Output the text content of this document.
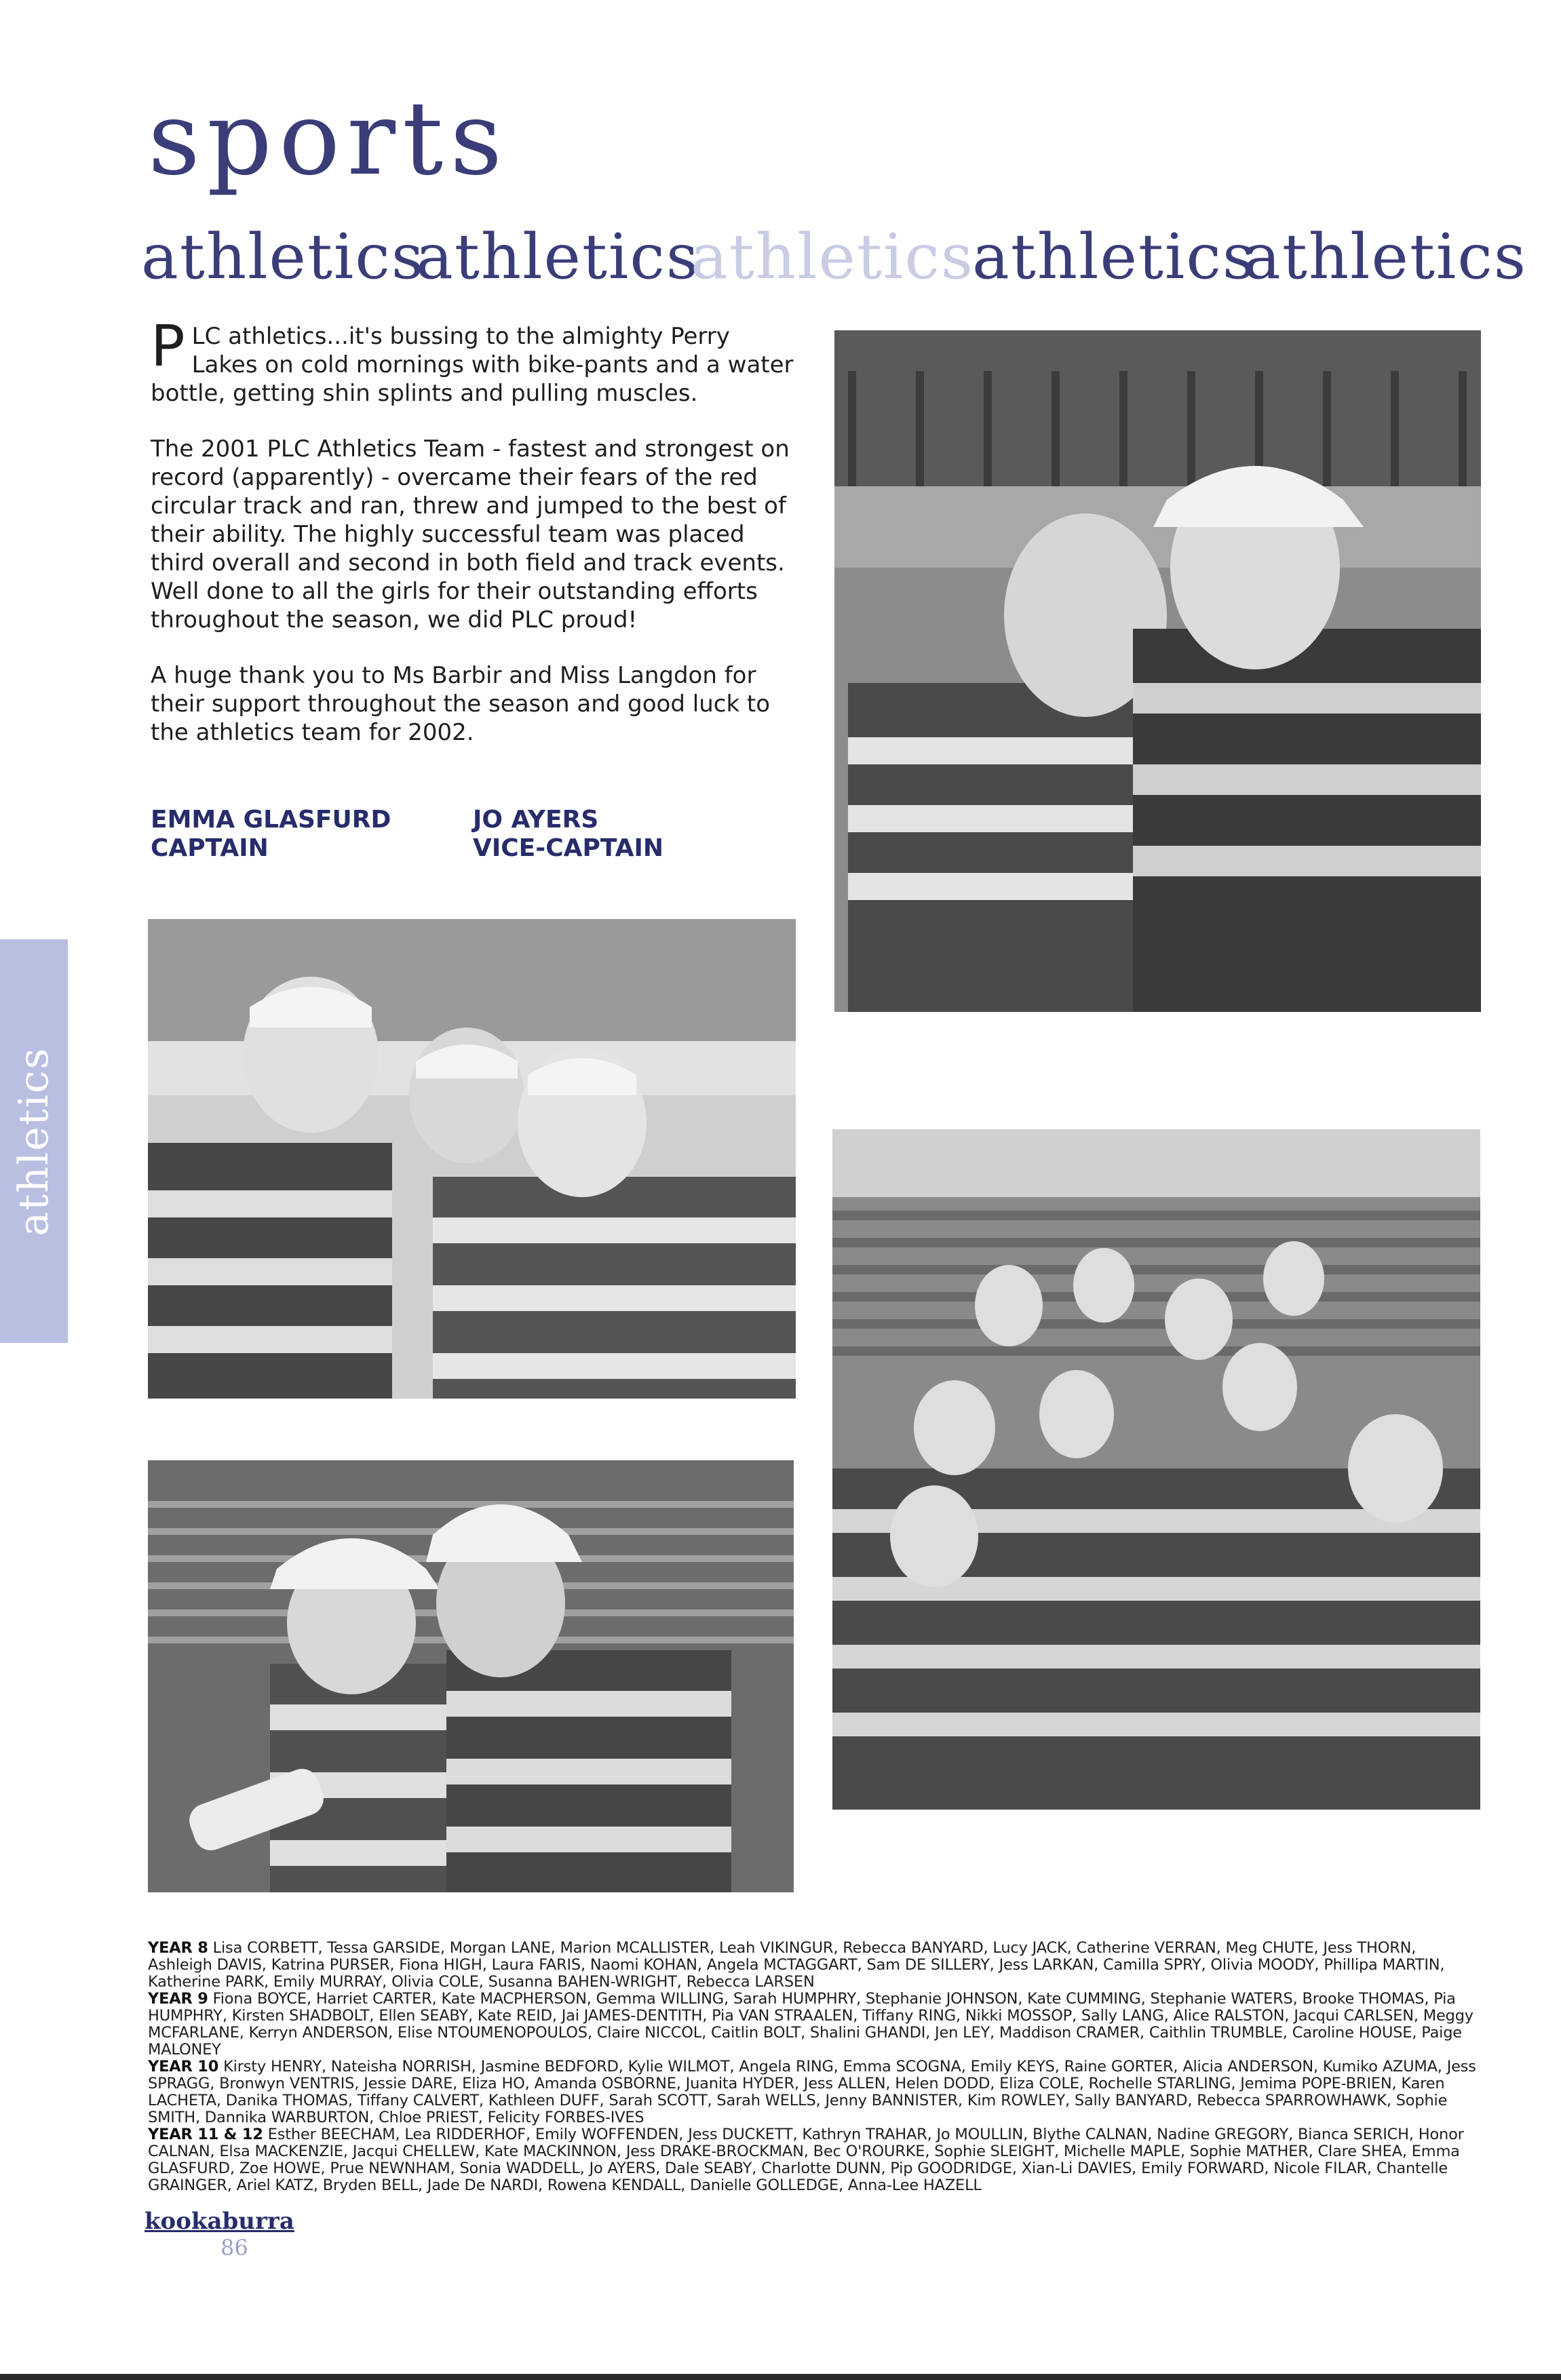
sports
athletics
athletics
athletics
athletics
athletics

PLC athletics...it's bussing to the almighty Perry Lakes on cold mornings with bike-pants and a water bottle, getting shin splints and pulling muscles.

The 2001 PLC Athletics Team - fastest and strongest on record (apparently) - overcame their fears of the red circular track and ran, threw and jumped to the best of their ability. The highly successful team was placed third overall and second in both field and track events. Well done to all the girls for their outstanding efforts throughout the season, we did PLC proud!

A huge thank you to Ms Barbir and Miss Langdon for their support throughout the season and good luck to the athletics team for 2002.

EMMA GLASFURD
CAPTAIN
JO AYERS
VICE-CAPTAIN
athletics

YEAR 8 Lisa CORBETT, Tessa GARSIDE, Morgan LANE, Marion MCALLISTER, Leah VIKINGUR, Rebecca BANYARD, Lucy JACK, Catherine VERRAN, Meg CHUTE, Jess THORN, Ashleigh DAVIS, Katrina PURSER, Fiona HIGH, Laura FARIS, Naomi KOHAN, Angela MCTAGGART, Sam DE SILLERY, Jess LARKAN, Camilla SPRY, Olivia MOODY, Phillipa MARTIN, Katherine PARK, Emily MURRAY, Olivia COLE, Susanna BAHEN-WRIGHT, Rebecca LARSEN

YEAR 9 Fiona BOYCE, Harriet CARTER, Kate MACPHERSON, Gemma WILLING, Sarah HUMPHRY, Stephanie JOHNSON, Kate CUMMING, Stephanie WATERS, Brooke THOMAS, Pia HUMPHRY, Kirsten SHADBOLT, Ellen SEABY, Kate REID, Jai JAMES-DENTITH, Pia VAN STRAALEN, Tiffany RING, Nikki MOSSOP, Sally LANG, Alice RALSTON, Jacqui CARLSEN, Meggy MCFARLANE, Kerryn ANDERSON, Elise NTOUMENOPOULOS, Claire NICCOL, Caitlin BOLT, Shalini GHANDI, Jen LEY, Maddison CRAMER, Caithlin TRUMBLE, Caroline HOUSE, Paige MALONEY

YEAR 10 Kirsty HENRY, Nateisha NORRISH, Jasmine BEDFORD, Kylie WILMOT, Angela RING, Emma SCOGNA, Emily KEYS, Raine GORTER, Alicia ANDERSON, Kumiko AZUMA, Jess SPRAGG, Bronwyn VENTRIS, Jessie DARE, Eliza HO, Amanda OSBORNE, Juanita HYDER, Jess ALLEN, Helen DODD, Eliza COLE, Rochelle STARLING, Jemima POPE-BRIEN, Karen LACHETA, Danika THOMAS, Tiffany CALVERT, Kathleen DUFF, Sarah SCOTT, Sarah WELLS, Jenny BANNISTER, Kim ROWLEY, Sally BANYARD, Rebecca SPARROWHAWK, Sophie SMITH, Dannika WARBURTON, Chloe PRIEST, Felicity FORBES-IVES

YEAR 11 & 12 Esther BEECHAM, Lea RIDDERHOF, Emily WOFFENDEN, Jess DUCKETT, Kathryn TRAHAR, Jo MOULLIN, Blythe CALNAN, Nadine GREGORY, Bianca SERICH, Honor CALNAN, Elsa MACKENZIE, Jacqui CHELLEW, Kate MACKINNON, Jess DRAKE-BROCKMAN, Bec O'ROURKE, Sophie SLEIGHT, Michelle MAPLE, Sophie MATHER, Clare SHEA, Emma GLASFURD, Zoe HOWE, Prue NEWNHAM, Sonia WADDELL, Jo AYERS, Dale SEABY, Charlotte DUNN, Pip GOODRIDGE, Xian-Li DAVIES, Emily FORWARD, Nicole FILAR, Chantelle GRAINGER, Ariel KATZ, Bryden BELL, Jade De NARDI, Rowena KENDALL, Danielle GOLLEDGE, Anna-Lee HAZELL

kookaburra
86
